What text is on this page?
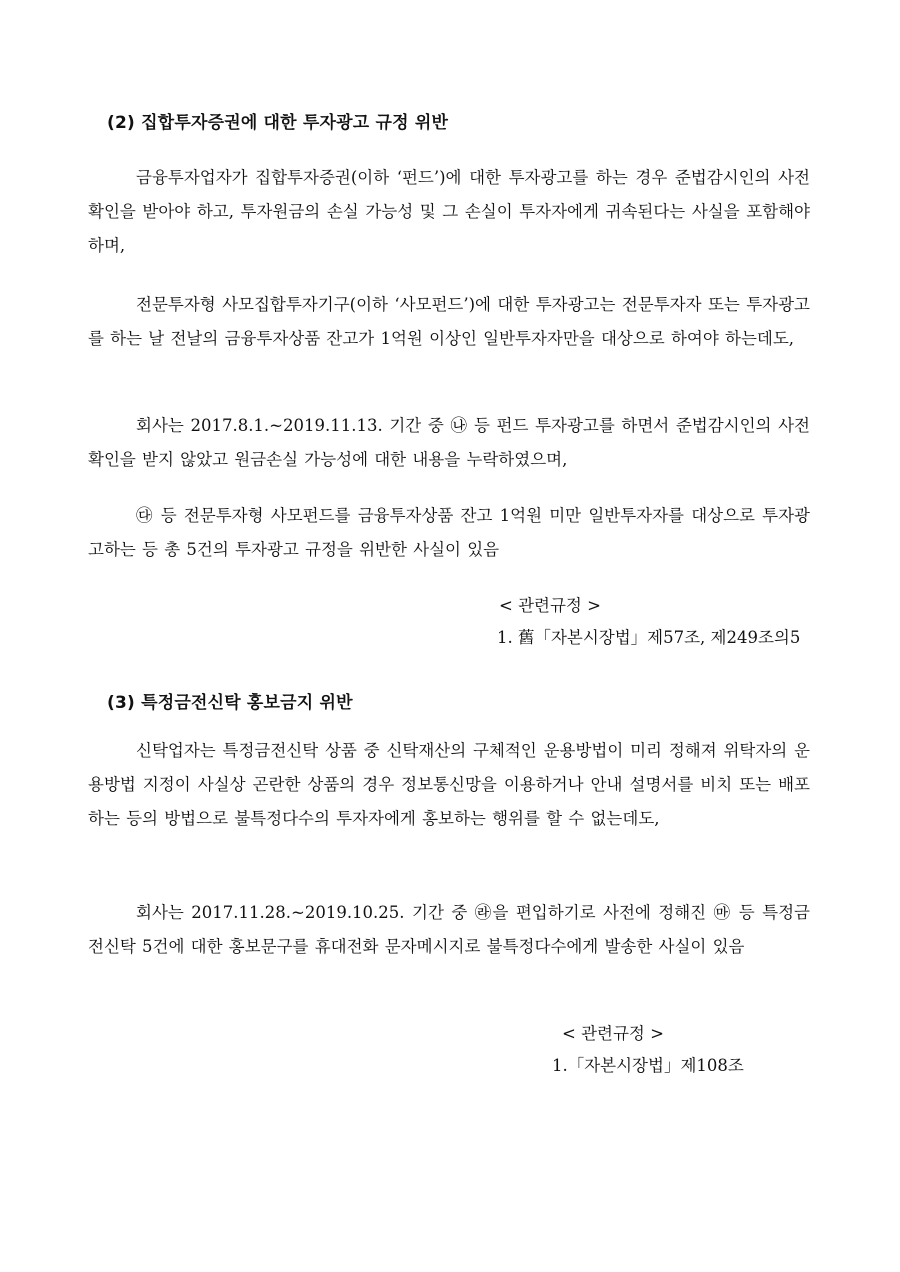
(2) 집합투자증권에 대한 투자광고 규정 위반

금융투자업자가 집합투자증권(이하 ‘펀드’)에 대한 투자광고를 하는 경우 준법감시인의 사전확인을 받아야 하고, 투자원금의 손실 가능성 및 그 손실이 투자자에게 귀속된다는 사실을 포함해야 하며,

전문투자형 사모집합투자기구(이하 ‘사모펀드’)에 대한 투자광고는 전문투자자 또는 투자광고를 하는 날 전날의 금융투자상품 잔고가 1억원 이상인 일반투자자만을 대상으로 하여야 하는데도,

회사는 2017.8.1.~2019.11.13. 기간 중 ㉯ 등 펀드 투자광고를 하면서 준법감시인의 사전확인을 받지 않았고 원금손실 가능성에 대한 내용을 누락하였으며,

㉰ 등 전문투자형 사모펀드를 금융투자상품 잔고 1억원 미만 일반투자자를 대상으로 투자광고하는 등 총 5건의 투자광고 규정을 위반한 사실이 있음

< 관련규정 >
1. 舊「자본시장법」제57조, 제249조의5
(3) 특정금전신탁 홍보금지 위반

신탁업자는 특정금전신탁 상품 중 신탁재산의 구체적인 운용방법이 미리 정해져 위탁자의 운용방법 지정이 사실상 곤란한 상품의 경우 정보통신망을 이용하거나 안내 설명서를 비치 또는 배포하는 등의 방법으로 불특정다수의 투자자에게 홍보하는 행위를 할 수 없는데도,

회사는 2017.11.28.~2019.10.25. 기간 중 ㉱을 편입하기로 사전에 정해진 ㉲ 등 특정금전신탁 5건에 대한 홍보문구를 휴대전화 문자메시지로 불특정다수에게 발송한 사실이 있음

< 관련규정 >
1.「자본시장법」제108조
